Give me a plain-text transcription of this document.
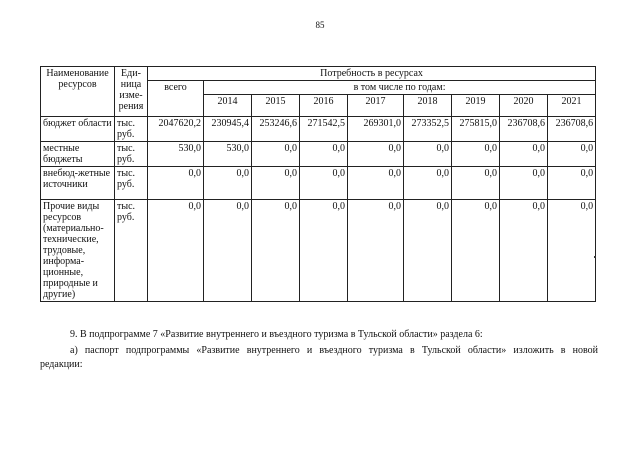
85
Наименование ресурсов	Еди-ница изме-рения	Потребность в ресурсах								
		всего	в том числе по годам:							
			2014	2015	2016	2017	2018	2019	2020	2021
бюджет области	тыс. руб.	2047620,2	230945,4	253246,6	271542,5	269301,0	273352,5	275815,0	236708,6	236708,6
местные бюджеты	тыс. руб.	530,0	530,0	0,0	0,0	0,0	0,0	0,0	0,0	0,0
внебюд-жетные источники	тыс. руб.	0,0	0,0	0,0	0,0	0,0	0,0	0,0	0,0	0,0
Прочие виды ресурсов (материально-технические, трудовые, информа-ционные, природные и другие)	тыс. руб.	0,0	0,0	0,0	0,0	0,0	0,0	0,0	0,0	0,0
9. В подпрограмме 7 «Развитие внутреннего и въездного туризма в Тульской области» раздела 6:
а) паспорт подпрограммы «Развитие внутреннего и въездного туризма в Тульской области» изложить в новой
редакции:
